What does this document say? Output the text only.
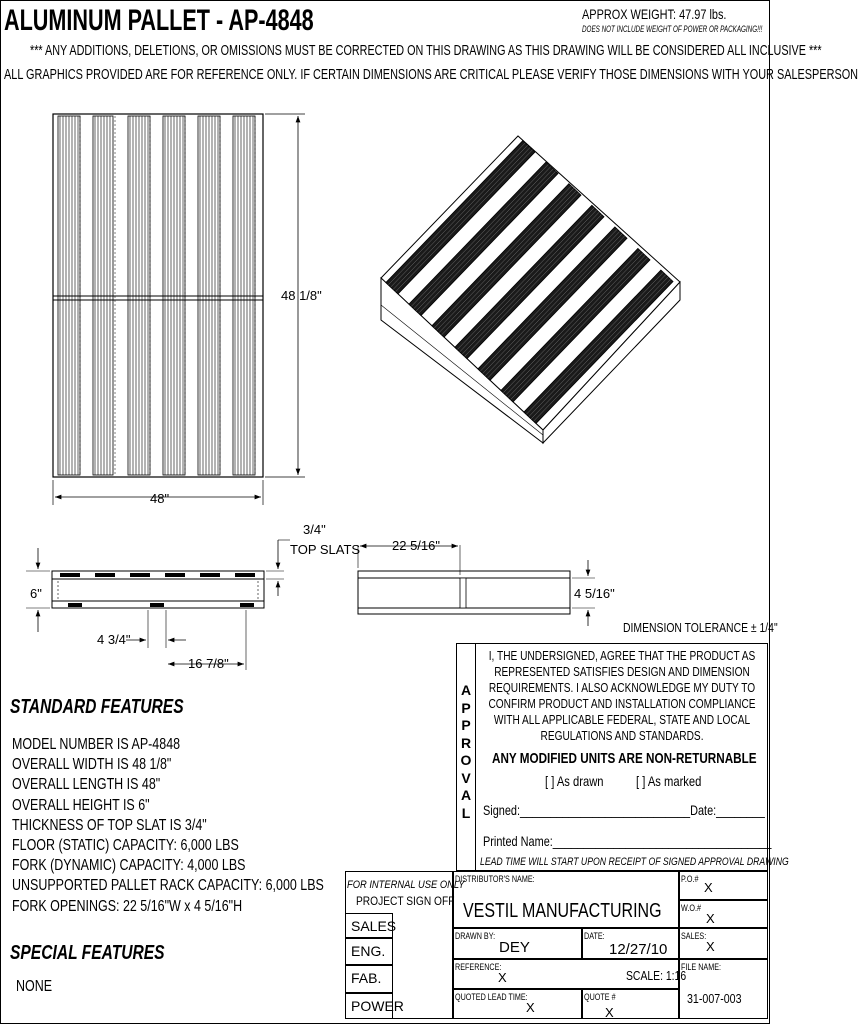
ALUMINUM PALLET - AP-4848	APPROX WEIGHT: 47.97 lbs.
DOES NOT INCLUDE WEIGHT OF POWER OR PACKAGING!!!
*** ANY ADDITIONS, DELETIONS, OR OMISSIONS MUST BE CORRECTED ON THIS DRAWING AS THIS DRAWING WILL BE CONSIDERED ALL INCLUSIVE ***
ALL GRAPHICS PROVIDED ARE FOR REFERENCE ONLY. IF CERTAIN DIMENSIONS ARE CRITICAL PLEASE VERIFY THOSE DIMENSIONS WITH YOUR SALESPERSON
48 1/8"
48"
3/4"
TOP SLATS
6"
4 3/4"
16 7/8"
22 5/16"
4 5/16"
DIMENSION TOLERANCE ± 1/4"
STANDARD FEATURES
MODEL NUMBER IS AP-4848
OVERALL WIDTH IS 48 1/8"
OVERALL LENGTH IS 48"
OVERALL HEIGHT IS 6"
THICKNESS OF TOP SLAT IS 3/4"
FLOOR (STATIC) CAPACITY: 6,000 LBS
FORK (DYNAMIC) CAPACITY: 4,000 LBS
UNSUPPORTED PALLET RACK CAPACITY: 6,000 LBS
FORK OPENINGS: 22 5/16"W x 4 5/16"H
SPECIAL FEATURES
NONE
A
P
P
R
O
V
A
L
I, THE UNDERSIGNED, AGREE THAT THE PRODUCT AS REPRESENTED SATISFIES DESIGN AND DIMENSION REQUIREMENTS. I ALSO ACKNOWLEDGE MY DUTY TO CONFIRM PRODUCT AND INSTALLATION COMPLIANCE WITH ALL APPLICABLE FEDERAL, STATE AND LOCAL REGULATIONS AND STANDARDS.
ANY MODIFIED UNITS ARE NON-RETURNABLE
[ ] As drawn [ ] As marked
Signed:____________________________Date:________
Printed Name:____________________________________
LEAD TIME WILL START UPON RECEIPT OF SIGNED APPROVAL DRAWING
FOR INTERNAL USE ONLY
PROJECT SIGN OFF
SALES
ENG.
FAB.
POWER
DISTRIBUTOR'S NAME:
VESTIL MANUFACTURING
P.O.#
X
W.O.#
X
DRAWN BY:
DEY
DATE:
12/27/10
SALES:
X
REFERENCE:
X	SCALE: 1:16
FILE NAME:
31-007-003
QUOTED LEAD TIME:
X
QUOTE #
X
